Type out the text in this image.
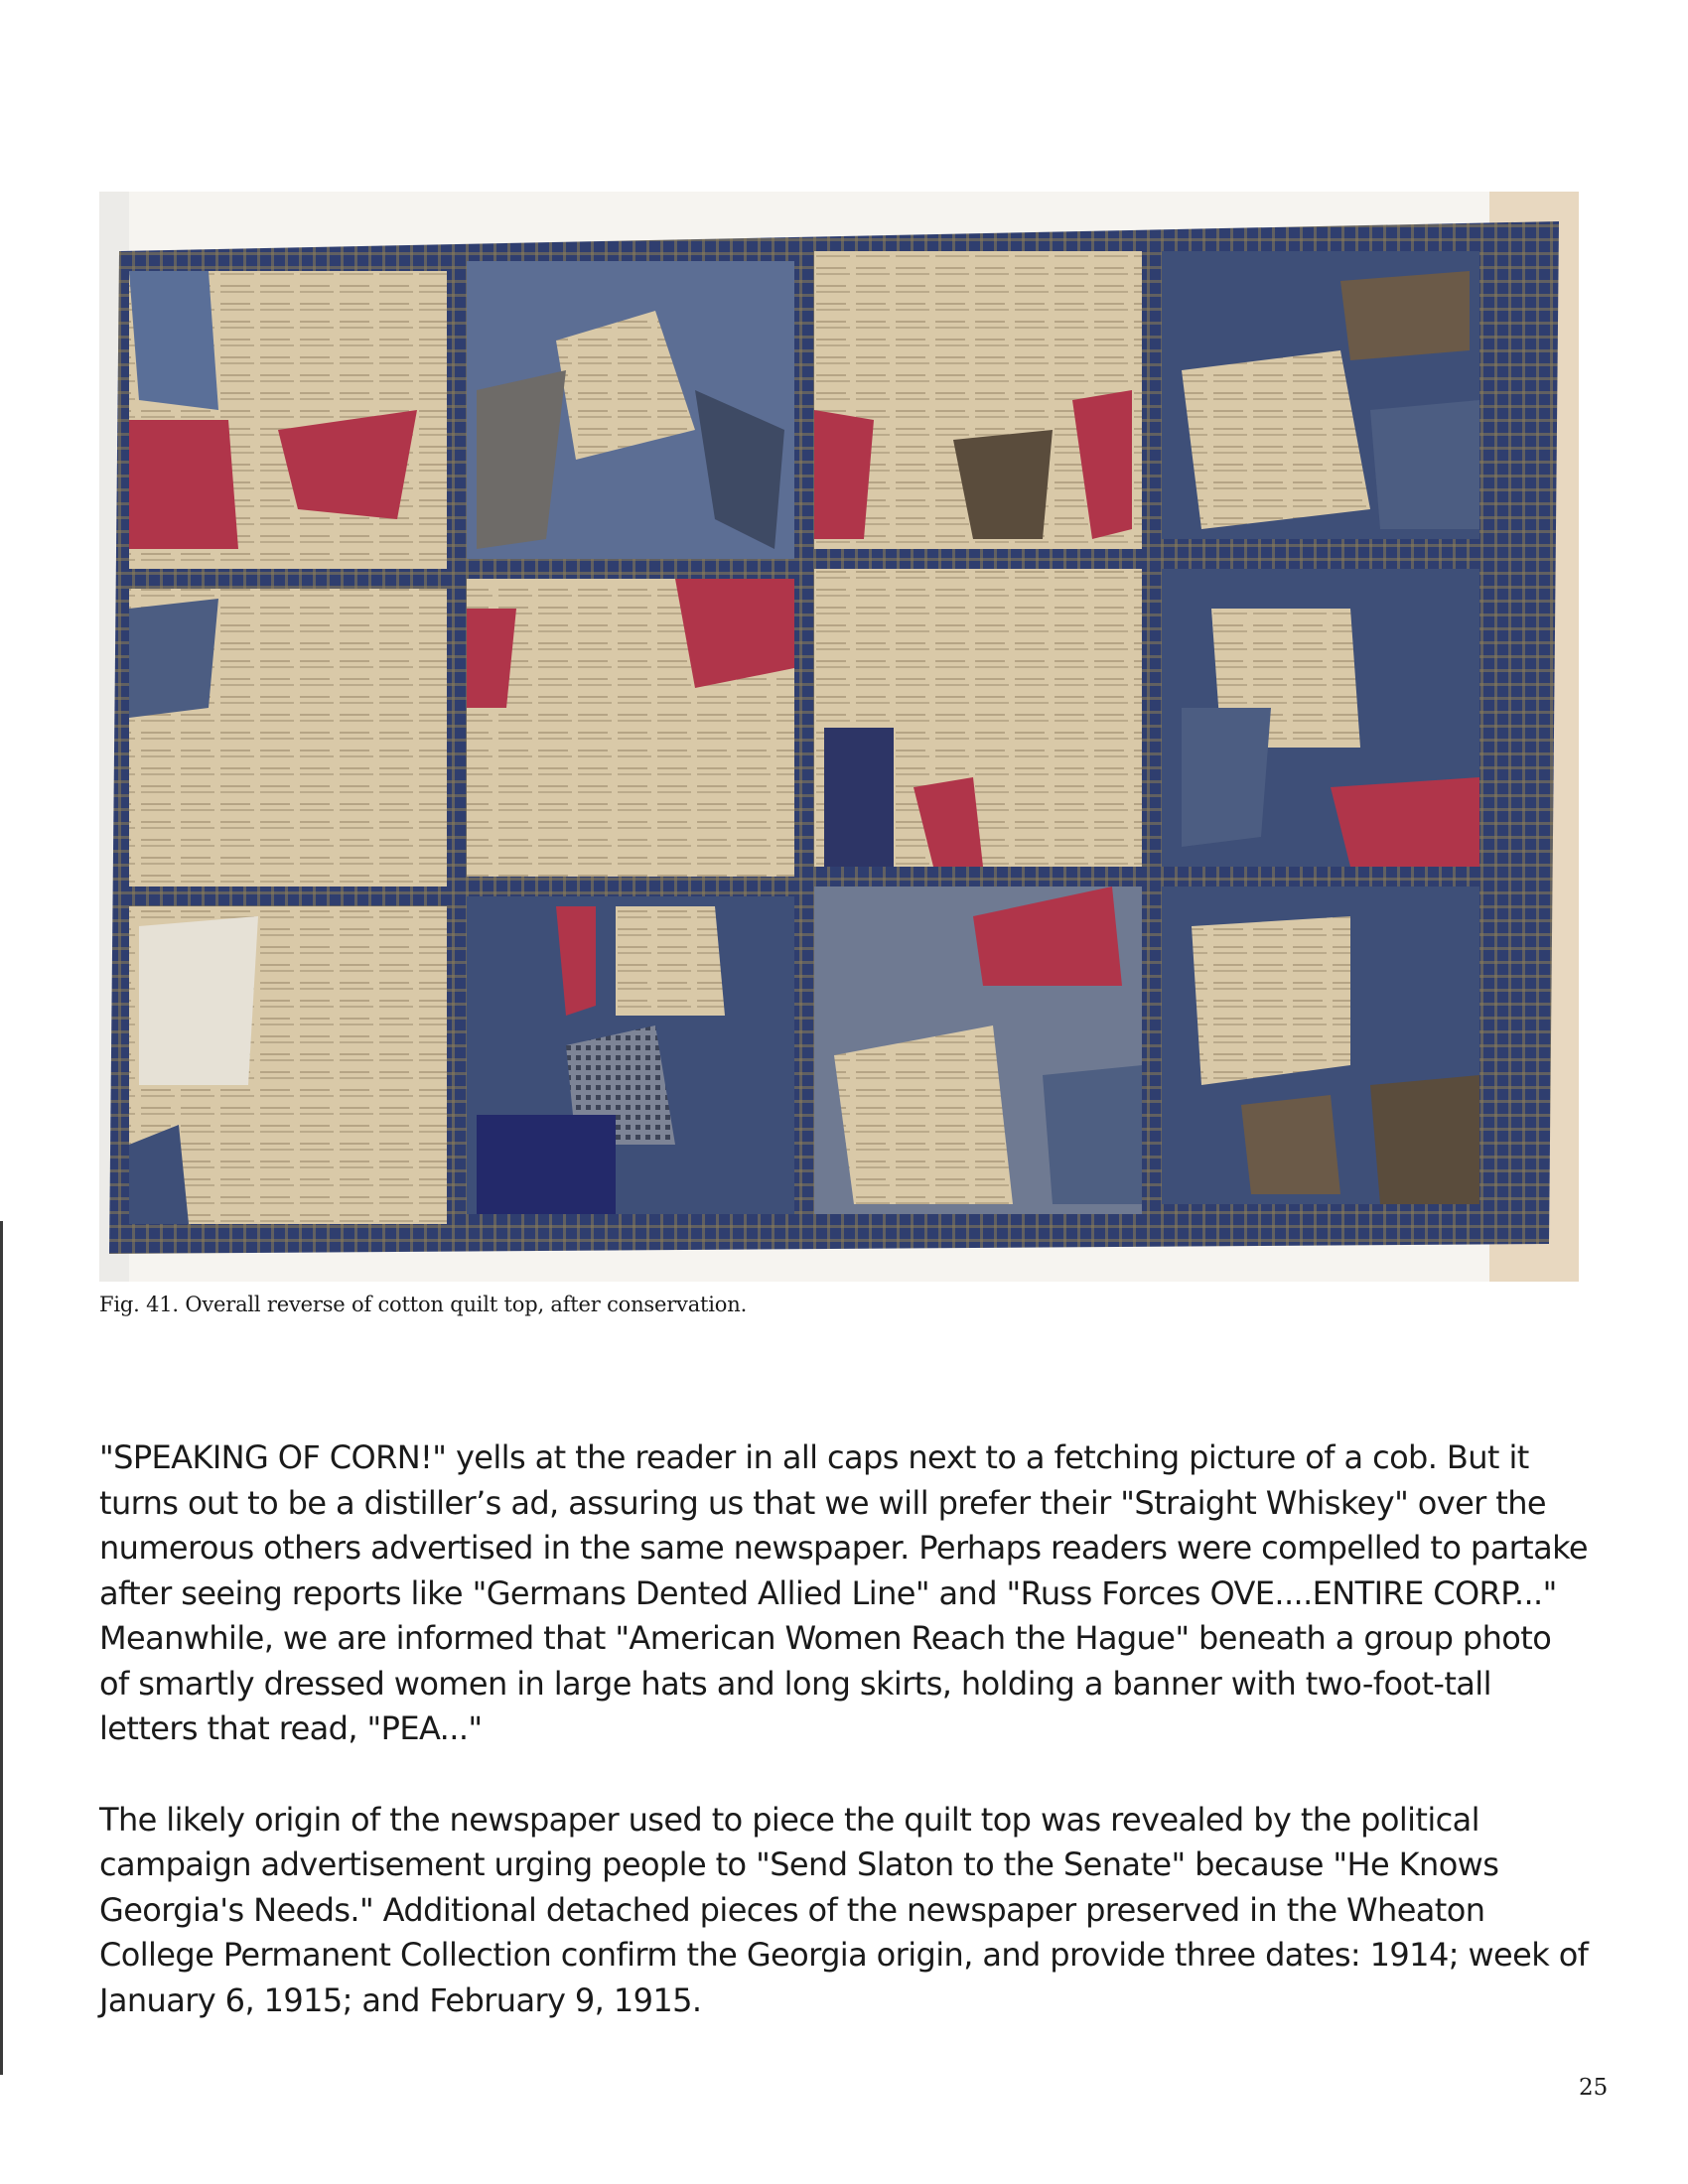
Fig. 41. Overall reverse of cotton quilt top, after conservation.

"SPEAKING OF CORN!" yells at the reader in all caps next to a fetching picture of a cob. But it turns out to be a distiller’s ad, assuring us that we will prefer their "Straight Whiskey" over the numerous others advertised in the same newspaper. Perhaps readers were compelled to partake after seeing reports like "Germans Dented Allied Line" and "Russ Forces OVE....ENTIRE CORP..." Meanwhile, we are informed that "American Women Reach the Hague" beneath a group photo of smartly dressed women in large hats and long skirts, holding a banner with two-foot-tall letters that read, "PEA..."

The likely origin of the newspaper used to piece the quilt top was revealed by the political campaign advertisement urging people to "Send Slaton to the Senate" because "He Knows Georgia's Needs." Additional detached pieces of the newspaper preserved in the Wheaton College Permanent Collection confirm the Georgia origin, and provide three dates: 1914; week of January 6, 1915; and February 9, 1915.

25
